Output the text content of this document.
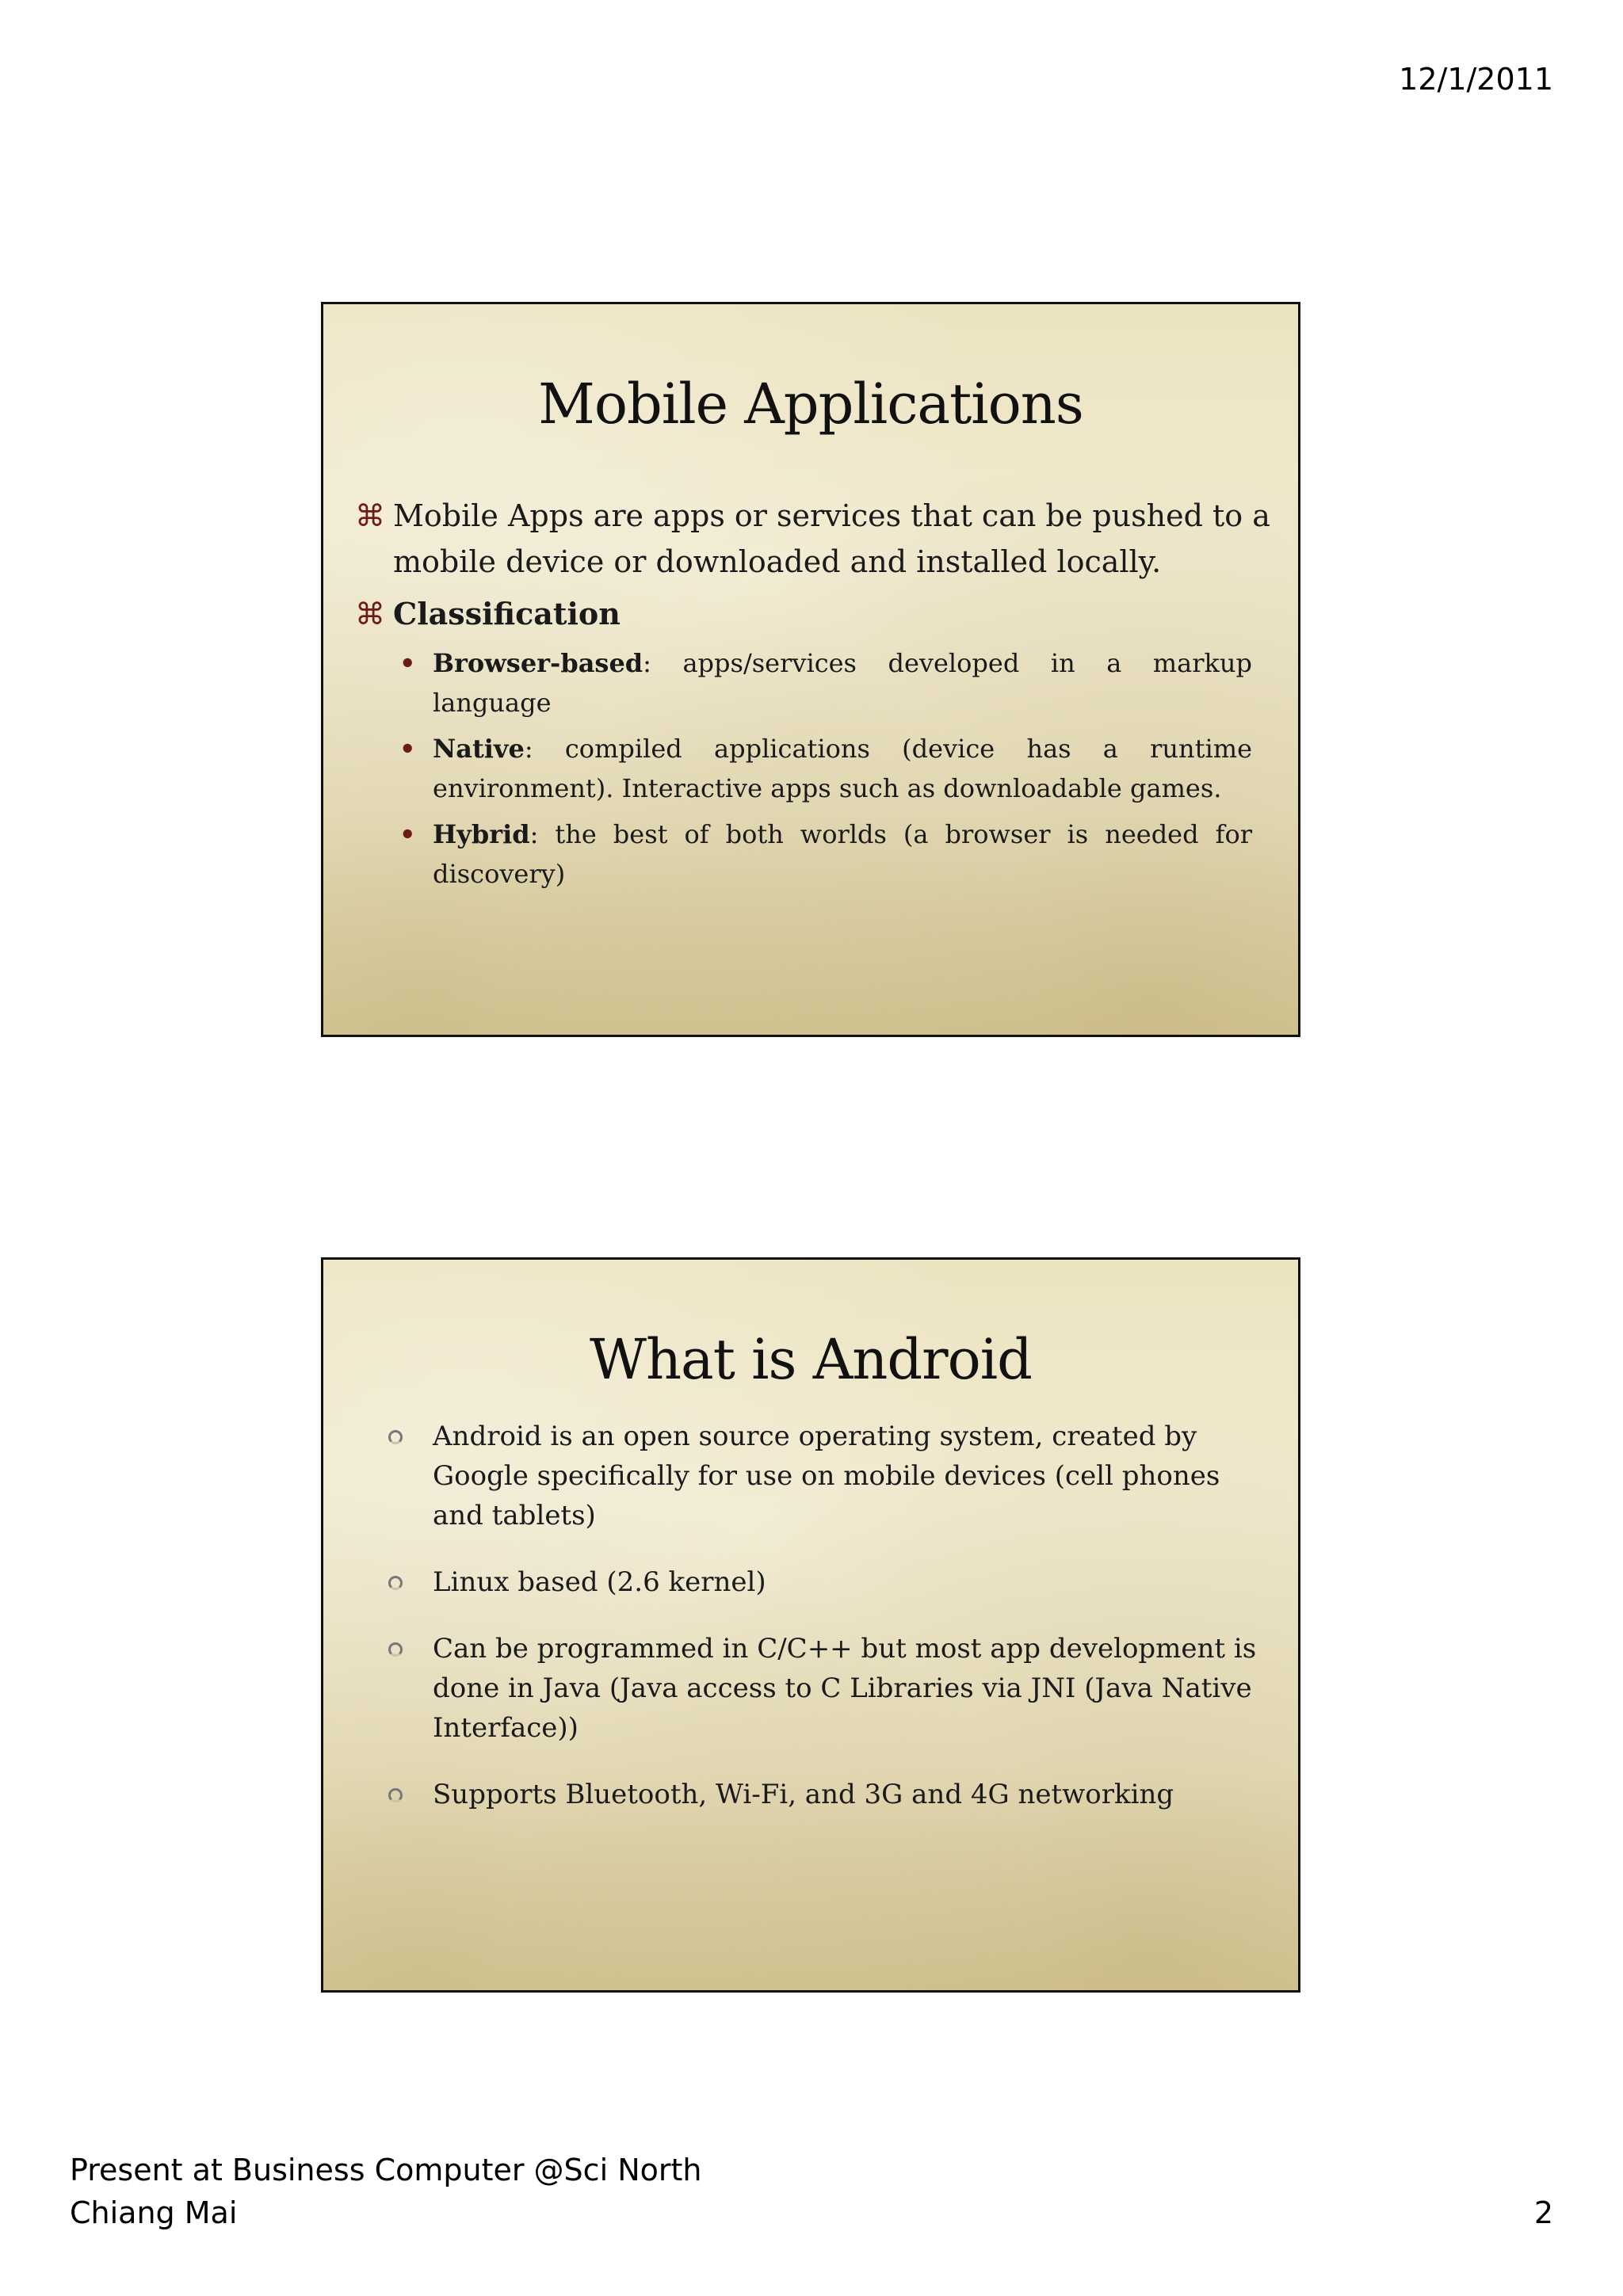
12/1/2011
Mobile Applications
⌘ Mobile Apps are apps or services that can be pushed to a mobile device or downloaded and installed locally.
⌘ Classification
• Browser-based: apps/services developed in a markup language
• Native: compiled applications (device has a runtime environment). Interactive apps such as downloadable games.
• Hybrid: the best of both worlds (a browser is needed for discovery)
What is Android
Android is an open source operating system, created by Google specifically for use on mobile devices (cell phones and tablets)
Linux based (2.6 kernel)
Can be programmed in C/C++ but most app development is done in Java (Java access to C Libraries via JNI (Java Native Interface))
Supports Bluetooth, Wi-Fi, and 3G and 4G networking
Present at Business Computer @Sci North
Chiang Mai	2
